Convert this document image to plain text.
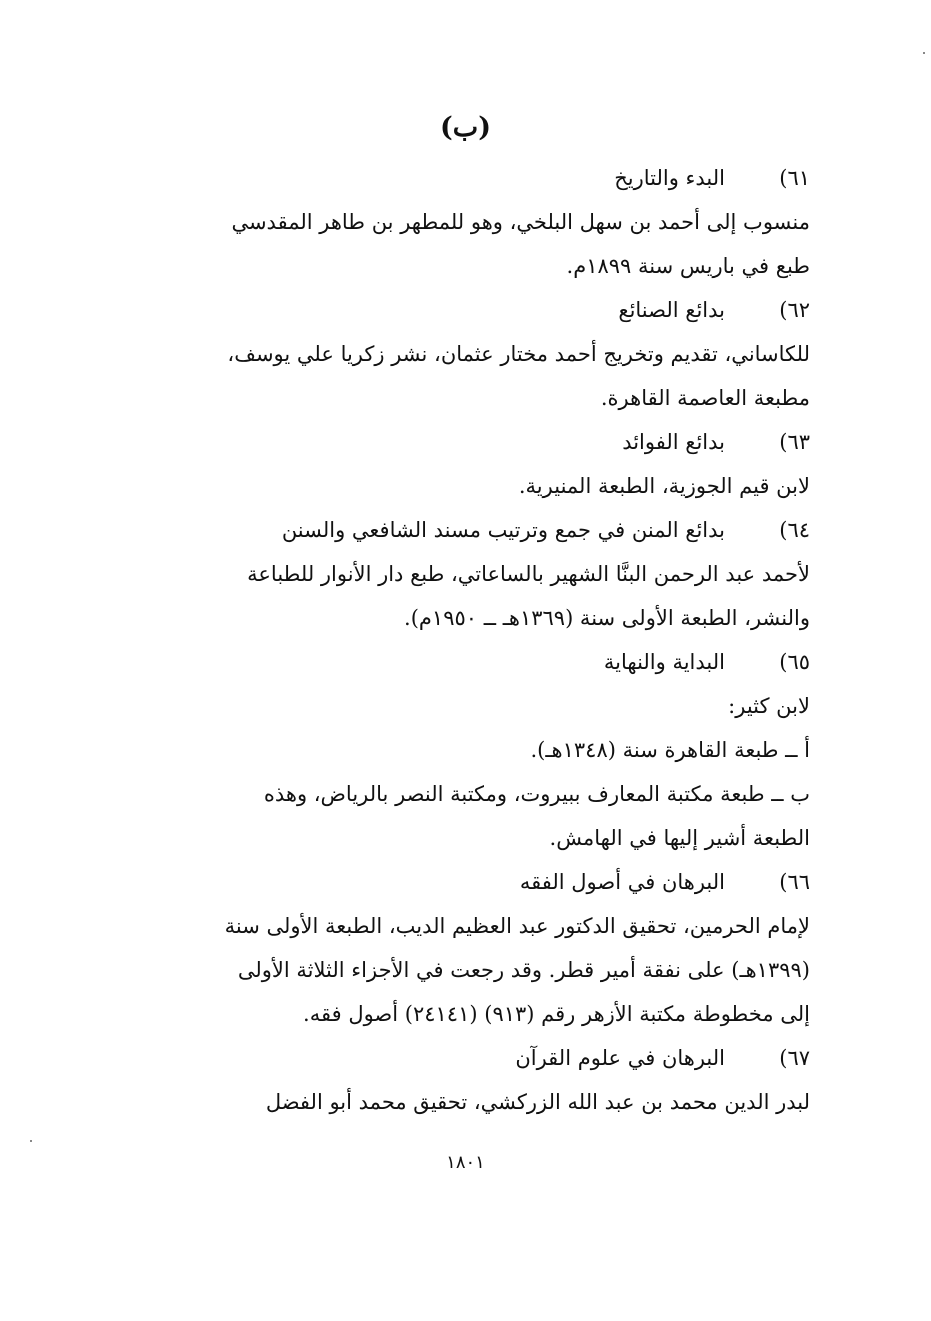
(ب)
٦١)
البدء والتاريخ
منسوب إلى أحمد بن سهل البلخي، وهو للمطهر بن طاهر المقدسي
طبع في باريس سنة ١٨٩٩م.
٦٢)
بدائع الصنائع
للكاساني، تقديم وتخريج أحمد مختار عثمان، نشر زكريا علي يوسف،
مطبعة العاصمة القاهرة.
٦٣)
بدائع الفوائد
لابن قيم الجوزية، الطبعة المنيرية.
٦٤)
بدائع المنن في جمع وترتيب مسند الشافعي والسنن
لأحمد عبد الرحمن البنَّا الشهير بالساعاتي، طبع دار الأنوار للطباعة
والنشر، الطبعة الأولى سنة (١٣٦٩هـ ــ ١٩٥٠م).
٦٥)
البداية والنهاية
لابن كثير:
أ ــ طبعة القاهرة سنة (١٣٤٨هـ).
ب ــ طبعة مكتبة المعارف ببيروت، ومكتبة النصر بالرياض، وهذه
الطبعة أشير إليها في الهامش.
٦٦)
البرهان في أصول الفقه
لإمام الحرمين، تحقيق الدكتور عبد العظيم الديب، الطبعة الأولى سنة
(١٣٩٩هـ) على نفقة أمير قطر. وقد رجعت في الأجزاء الثلاثة الأولى
إلى مخطوطة مكتبة الأزهر رقم (٩١٣) (٢٤١٤١) أصول فقه.
٦٧)
البرهان في علوم القرآن
لبدر الدين محمد بن عبد الله الزركشي، تحقيق محمد أبو الفضل
١٨٠١
